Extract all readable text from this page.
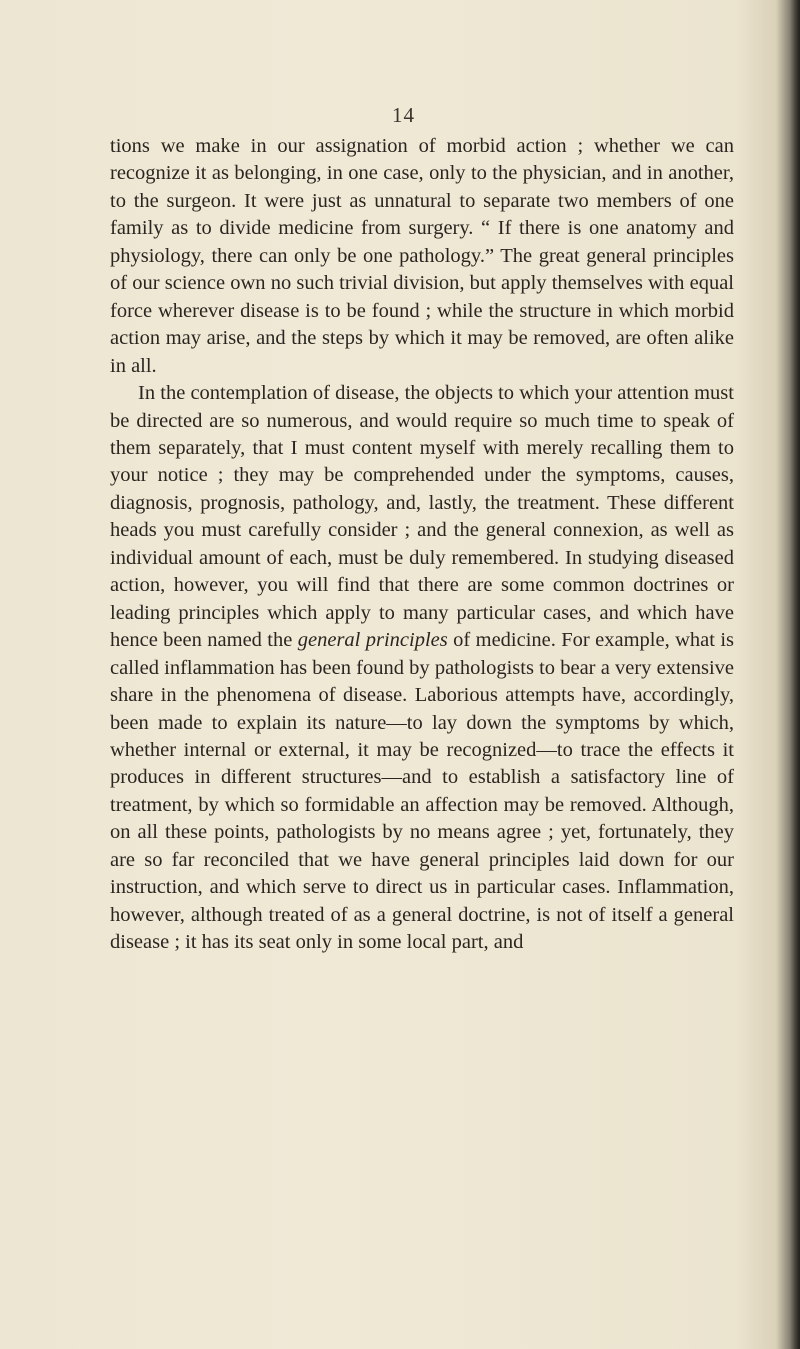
14

tions we make in our assignation of morbid action ; whether we can recognize it as belonging, in one case, only to the physician, and in another, to the surgeon. It were just as unnatural to separate two members of one family as to divide medicine from surgery. “ If there is one anatomy and physiology, there can only be one pathology.” The great general principles of our science own no such trivial division, but apply themselves with equal force wherever disease is to be found ; while the structure in which morbid action may arise, and the steps by which it may be removed, are often alike in all.

In the contemplation of disease, the objects to which your attention must be directed are so numerous, and would require so much time to speak of them separately, that I must content myself with merely recalling them to your notice ; they may be comprehended under the symptoms, causes, diagnosis, prognosis, pathology, and, lastly, the treatment. These different heads you must carefully consider ; and the general connexion, as well as individual amount of each, must be duly remembered. In studying diseased action, however, you will find that there are some common doctrines or leading principles which apply to many particular cases, and which have hence been named the general principles of medicine. For example, what is called inflammation has been found by pathologists to bear a very extensive share in the phenomena of disease. Laborious attempts have, accordingly, been made to explain its nature—to lay down the symptoms by which, whether internal or external, it may be recognized—to trace the effects it produces in different structures—and to establish a satisfactory line of treatment, by which so formidable an affection may be removed. Although, on all these points, pathologists by no means agree ; yet, fortunately, they are so far reconciled that we have general principles laid down for our instruction, and which serve to direct us in particular cases. Inflammation, however, although treated of as a general doctrine, is not of itself a general disease ; it has its seat only in some local part, and
